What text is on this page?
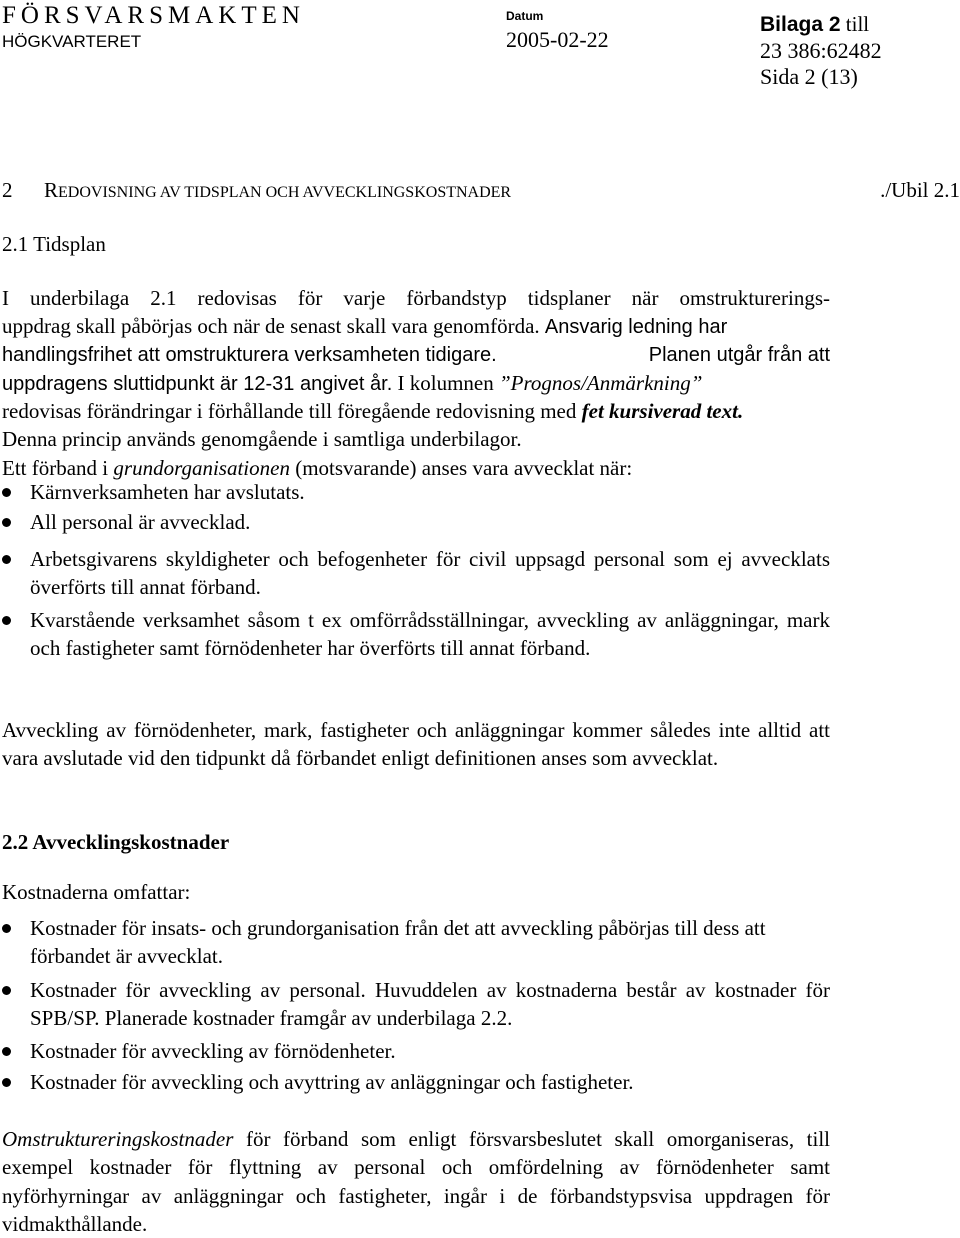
FÖRSVARSMAKTEN
HÖGKVARTERET
Datum
2005-02-22
Bilaga 2 till
23 386:62482
Sida 2 (13)
2 REDOVISNING AV TIDSPLAN OCH AVVECKLINGSKOSTNADER	./Ubil 2.1
2.1 Tidsplan
I underbilaga 2.1 redovisas för varje förbandstyp tidsplaner när omstrukturerings-
uppdrag skall påbörjas och när de senast skall vara genomförda. Ansvarig ledning har
handlingsfrihet att omstrukturera verksamheten tidigare.	Planen utgår från att
uppdragens sluttidpunkt är 12-31 angivet år. I kolumnen ”Prognos/Anmärkning”
redovisas förändringar i förhållande till föregående redovisning med fet kursiverad text.
Denna princip används genomgående i samtliga underbilagor.
Ett förband i grundorganisationen (motsvarande) anses vara avvecklat när:

Kärnverksamheten har avslutats.

All personal är avvecklad.

Arbetsgivarens skyldigheter och befogenheter för civil uppsagd personal som ej avvecklats överförts till annat förband.

Kvarstående verksamhet såsom t ex omförrådsställningar, avveckling av anläggningar, mark och fastigheter samt förnödenheter har överförts till annat förband.

Avveckling av förnödenheter, mark, fastigheter och anläggningar kommer således inte alltid att vara avslutade vid den tidpunkt då förbandet enligt definitionen anses som avvecklat.

2.2 Avvecklingskostnader
Kostnaderna omfattar:

Kostnader för insats- och grundorganisation från det att avveckling påbörjas till dess att förbandet är avvecklat.

Kostnader för avveckling av personal. Huvuddelen av kostnaderna består av kostnader för SPB/SP. Planerade kostnader framgår av underbilaga 2.2.

Kostnader för avveckling av förnödenheter.

Kostnader för avveckling och avyttring av anläggningar och fastigheter.

Omstruktureringskostnader för förband som enligt försvarsbeslutet skall omorganiseras, till exempel kostnader för flyttning av personal och omfördelning av förnödenheter samt nyförhyrningar av anläggningar och fastigheter, ingår i de förbandstypsvisa uppdragen för vidmakthållande.
